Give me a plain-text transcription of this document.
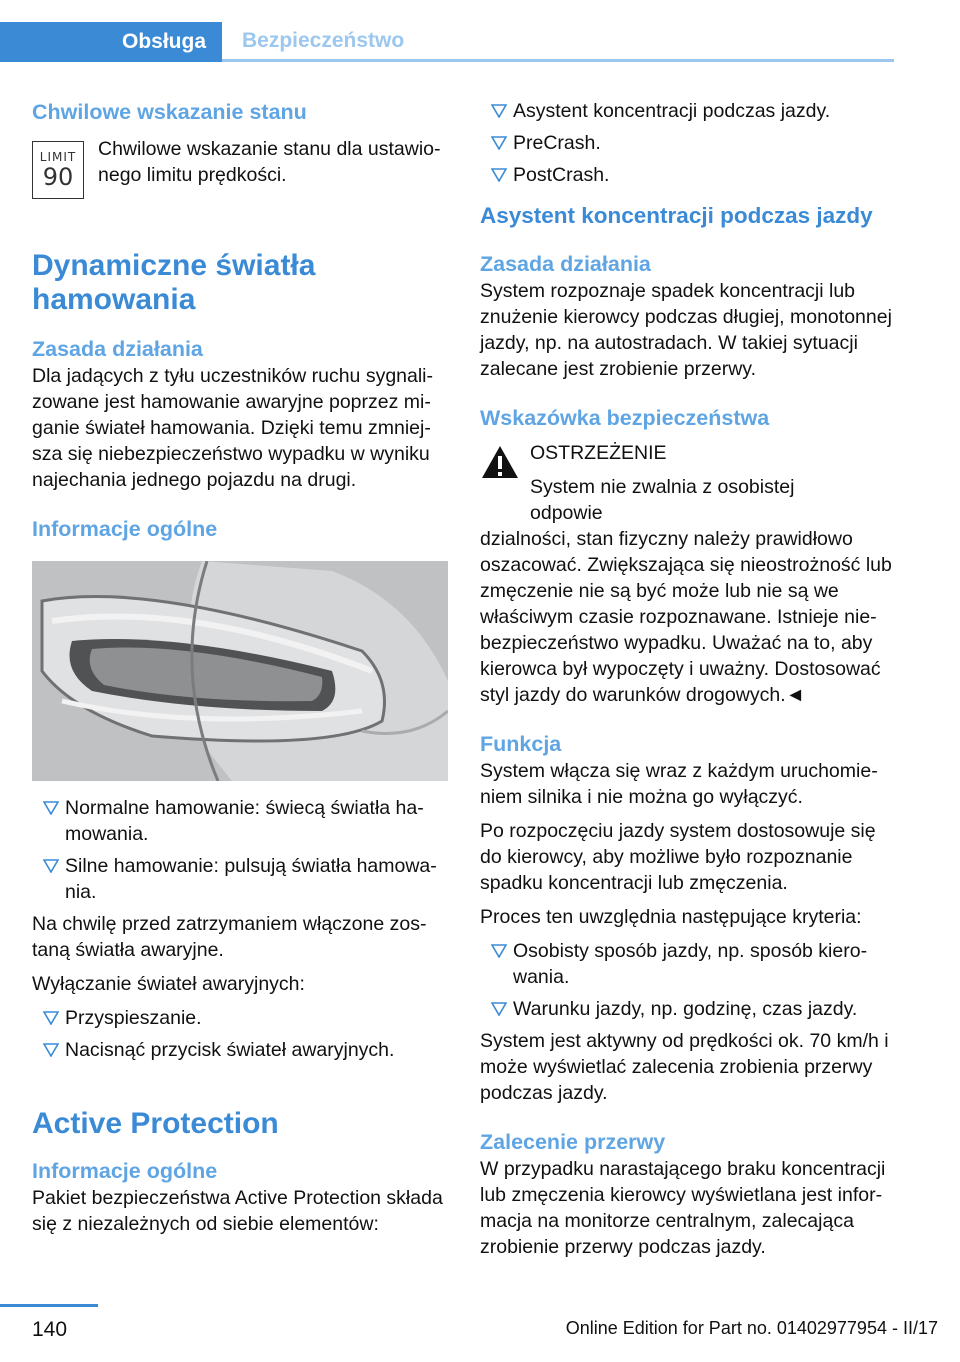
Obsługa	Bezpieczeństwo
Chwilowe wskazanie stanu
LIMIT
90
Chwilowe wskazanie stanu dla ustawionego limitu prędkości.
Dynamiczne światła hamowania
Zasada działania
Dla jadących z tyłu uczestników ruchu sygnalizowane jest hamowanie awaryjne poprzez miganie świateł hamowania. Dzięki temu zmniejsza się niebezpieczeństwo wypadku w wyniku najechania jednego pojazdu na drugi.
Informacje ogólne
Normalne hamowanie: świecą światła hamowania.
Silne hamowanie: pulsują światła hamowania.
Na chwilę przed zatrzymaniem włączone zostaną światła awaryjne.
Wyłączanie świateł awaryjnych:
Przyspieszanie.
Nacisnąć przycisk świateł awaryjnych.
Active Protection
Informacje ogólne
Pakiet bezpieczeństwa Active Protection składa się z niezależnych od siebie elementów:
Asystent koncentracji podczas jazdy.
PreCrash.
PostCrash.
Asystent koncentracji podczas jazdy
Zasada działania
System rozpoznaje spadek koncentracji lub znużenie kierowcy podczas długiej, monotonnej jazdy, np. na autostradach. W takiej sytuacji zalecane jest zrobienie przerwy.
Wskazówka bezpieczeństwa
OSTRZEŻENIE
System nie zwalnia z osobistej odpowie
dzialności, stan fizyczny należy prawidłowo oszacować. Zwiększająca się nieostrożność lub zmęczenie nie są być może lub nie są we właściwym czasie rozpoznawane. Istnieje niebezpieczeństwo wypadku. Uważać na to, aby kierowca był wypoczęty i uważny. Dostosować styl jazdy do warunków drogowych.◄
Funkcja
System włącza się wraz z każdym uruchomieniem silnika i nie można go wyłączyć.
Po rozpoczęciu jazdy system dostosowuje się do kierowcy, aby możliwe było rozpoznanie spadku koncentracji lub zmęczenia.
Proces ten uwzględnia następujące kryteria:
Osobisty sposób jazdy, np. sposób kierowania.
Warunku jazdy, np. godzinę, czas jazdy.
System jest aktywny od prędkości ok. 70 km/h i może wyświetlać zalecenia zrobienia przerwy podczas jazdy.
Zalecenie przerwy
W przypadku narastającego braku koncentracji lub zmęczenia kierowcy wyświetlana jest informacja na monitorze centralnym, zalecająca zrobienie przerwy podczas jazdy.
140	Online Edition for Part no. 01402977954 - II/17
